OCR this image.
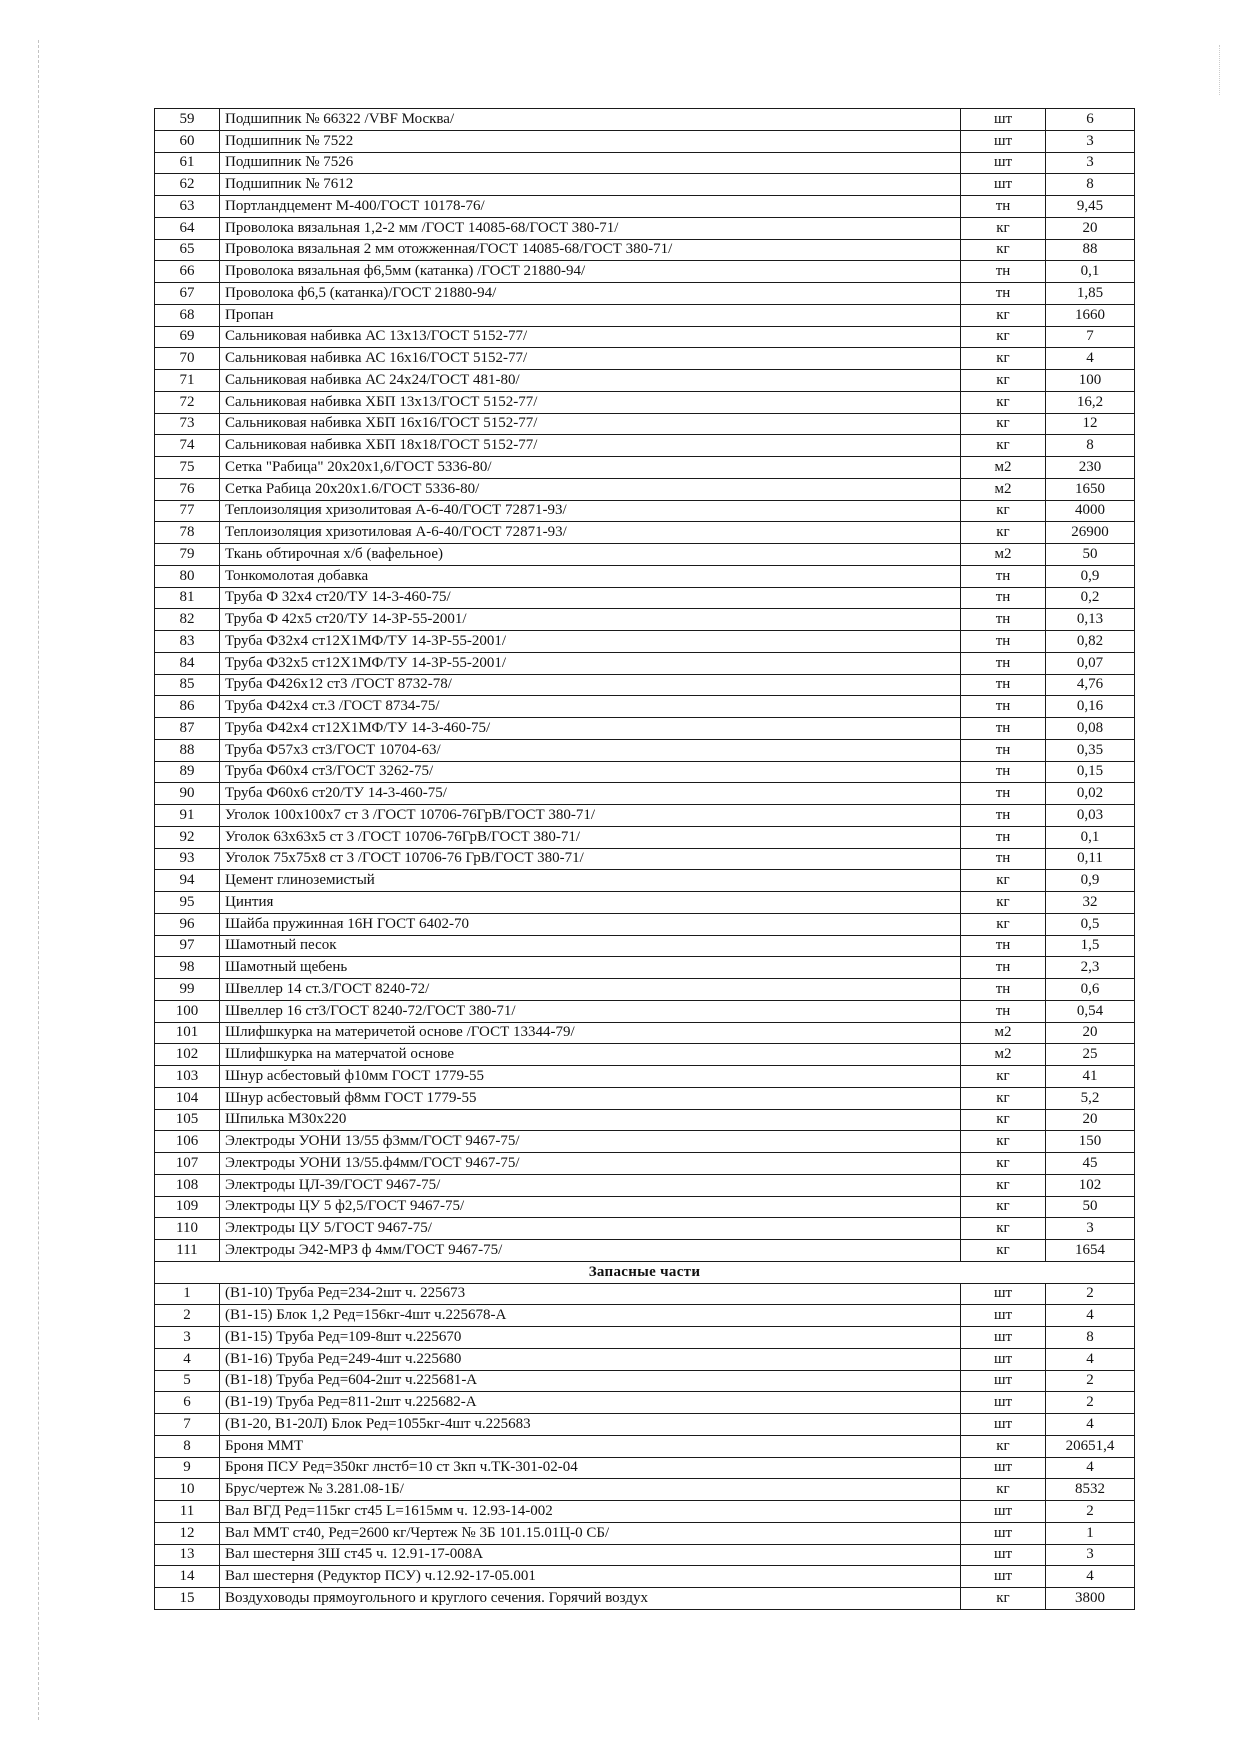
59	Подшипник № 66322 /VBF Москва/	шт	6
60	Подшипник № 7522	шт	3
61	Подшипник № 7526	шт	3
62	Подшипник № 7612	шт	8
63	Портландцемент М-400/ГОСТ 10178-76/	тн	9,45
64	Проволока вязальная 1,2-2 мм /ГОСТ 14085-68/ГОСТ 380-71/	кг	20
65	Проволока вязальная 2 мм отожженная/ГОСТ 14085-68/ГОСТ 380-71/	кг	88
66	Проволока вязальная ф6,5мм (катанка) /ГОСТ 21880-94/	тн	0,1
67	Проволока ф6,5 (катанка)/ГОСТ 21880-94/	тн	1,85
68	Пропан	кг	1660
69	Сальниковая набивка АС 13х13/ГОСТ 5152-77/	кг	7
70	Сальниковая набивка АС 16х16/ГОСТ 5152-77/	кг	4
71	Сальниковая набивка АС 24х24/ГОСТ 481-80/	кг	100
72	Сальниковая набивка ХБП 13х13/ГОСТ 5152-77/	кг	16,2
73	Сальниковая набивка ХБП 16х16/ГОСТ 5152-77/	кг	12
74	Сальниковая набивка ХБП 18х18/ГОСТ 5152-77/	кг	8
75	Сетка "Рабица" 20х20х1,6/ГОСТ 5336-80/	м2	230
76	Сетка Рабица 20х20х1.6/ГОСТ 5336-80/	м2	1650
77	Теплоизоляция хризолитовая А-6-40/ГОСТ 72871-93/	кг	4000
78	Теплоизоляция хризотиловая А-6-40/ГОСТ 72871-93/	кг	26900
79	Ткань обтирочная х/б (вафельное)	м2	50
80	Тонкомолотая добавка	тн	0,9
81	Труба Ф 32х4 ст20/ТУ 14-3-460-75/	тн	0,2
82	Труба Ф 42х5 ст20/ТУ 14-3Р-55-2001/	тн	0,13
83	Труба Ф32х4 ст12Х1МФ/ТУ 14-3Р-55-2001/	тн	0,82
84	Труба Ф32х5 ст12Х1МФ/ТУ 14-3Р-55-2001/	тн	0,07
85	Труба Ф426х12 ст3 /ГОСТ 8732-78/	тн	4,76
86	Труба Ф42х4 ст.3 /ГОСТ 8734-75/	тн	0,16
87	Труба Ф42х4 ст12Х1МФ/ТУ 14-3-460-75/	тн	0,08
88	Труба Ф57х3 ст3/ГОСТ 10704-63/	тн	0,35
89	Труба Ф60х4 ст3/ГОСТ 3262-75/	тн	0,15
90	Труба Ф60х6 ст20/ТУ 14-3-460-75/	тн	0,02
91	Уголок 100х100х7 ст 3 /ГОСТ 10706-76ГрВ/ГОСТ 380-71/	тн	0,03
92	Уголок 63х63х5 ст 3 /ГОСТ 10706-76ГрВ/ГОСТ 380-71/	тн	0,1
93	Уголок 75х75х8 ст 3 /ГОСТ 10706-76 ГрВ/ГОСТ 380-71/	тн	0,11
94	Цемент глиноземистый	кг	0,9
95	Цинтия	кг	32
96	Шайба пружинная 16Н ГОСТ 6402-70	кг	0,5
97	Шамотный песок	тн	1,5
98	Шамотный щебень	тн	2,3
99	Швеллер 14 ст.3/ГОСТ 8240-72/	тн	0,6
100	Швеллер 16 ст3/ГОСТ 8240-72/ГОСТ 380-71/	тн	0,54
101	Шлифшкурка на материчетой основе /ГОСТ 13344-79/	м2	20
102	Шлифшкурка на матерчатой основе	м2	25
103	Шнур асбестовый ф10мм ГОСТ 1779-55	кг	41
104	Шнур асбестовый ф8мм ГОСТ 1779-55	кг	5,2
105	Шпилька М30х220	кг	20
106	Электроды УОНИ 13/55 ф3мм/ГОСТ 9467-75/	кг	150
107	Электроды УОНИ 13/55.ф4мм/ГОСТ 9467-75/	кг	45
108	Электроды ЦЛ-39/ГОСТ 9467-75/	кг	102
109	Электроды ЦУ 5 ф2,5/ГОСТ 9467-75/	кг	50
110	Электроды ЦУ 5/ГОСТ 9467-75/	кг	3
111	Электроды Э42-МРЗ ф 4мм/ГОСТ 9467-75/	кг	1654
Запасные части			
1	(В1-10) Труба Ред=234-2шт ч. 225673	шт	2
2	(В1-15) Блок 1,2 Ред=156кг-4шт ч.225678-А	шт	4
3	(В1-15) Труба Ред=109-8шт ч.225670	шт	8
4	(В1-16) Труба Ред=249-4шт ч.225680	шт	4
5	(В1-18) Труба Ред=604-2шт ч.225681-А	шт	2
6	(В1-19) Труба Ред=811-2шт ч.225682-А	шт	2
7	(В1-20, В1-20Л) Блок Ред=1055кг-4шт ч.225683	шт	4
8	Броня ММТ	кг	20651,4
9	Броня ПСУ Ред=350кг лнстб=10 ст 3кп ч.ТК-301-02-04	шт	4
10	Брус/чертеж № 3.281.08-1Б/	кг	8532
11	Вал ВГД Ред=115кг ст45 L=1615мм ч. 12.93-14-002	шт	2
12	Вал ММТ ст40, Ред=2600 кг/Чертеж № 3Б 101.15.01Ц-0 СБ/	шт	1
13	Вал шестерня ЗШ ст45 ч. 12.91-17-008А	шт	3
14	Вал шестерня (Редуктор ПСУ) ч.12.92-17-05.001	шт	4
15	Воздуховоды прямоугольного и круглого сечения. Горячий воздух	кг	3800
